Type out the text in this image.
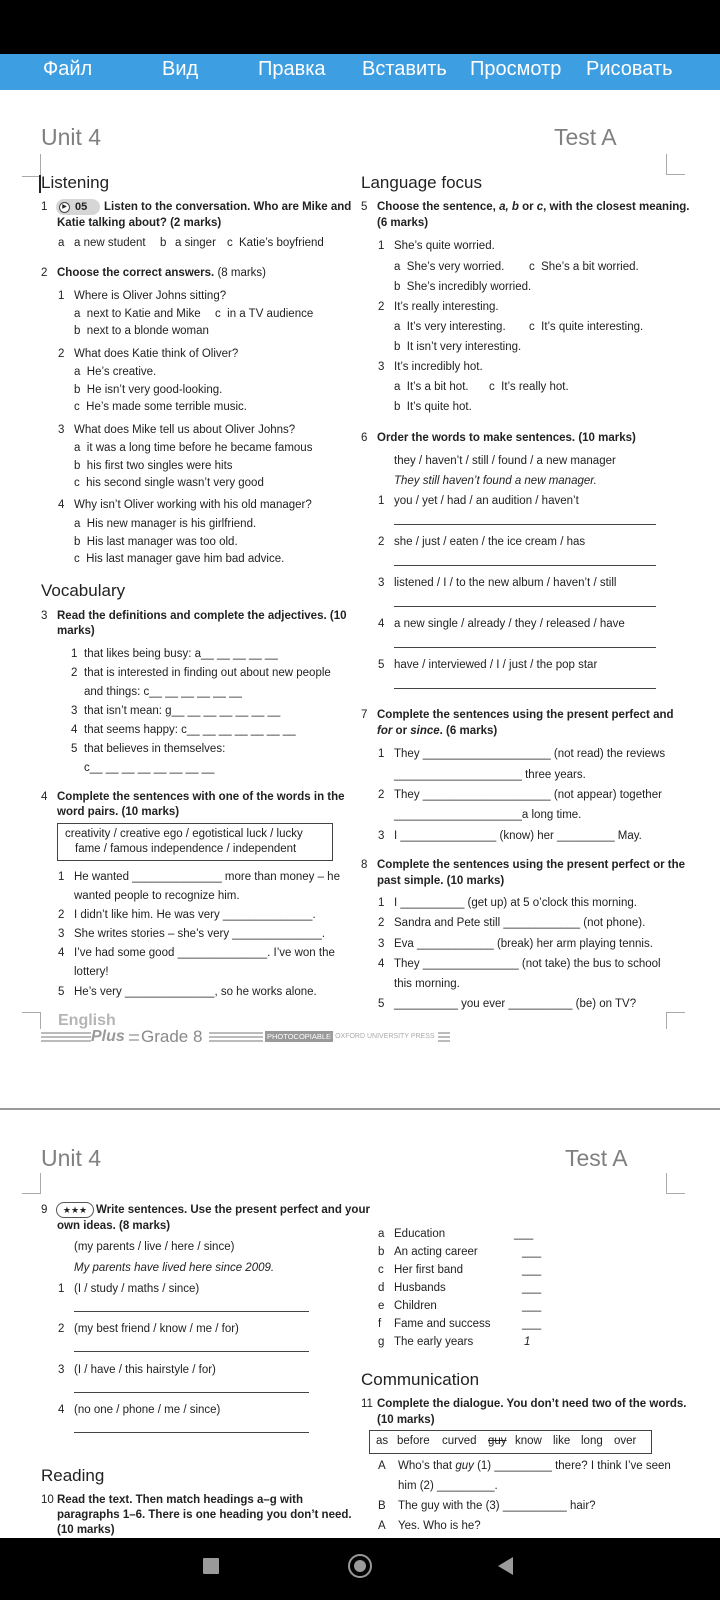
Файл	Вид	Правка Вставить Просмотр Рисовать
Unit 4	Test A
Listening
1	▶ 05 Listen to the conversation. Who are Mike and
Katie talking about? (2 marks)
a a new student b a singer c Katie’s boyfriend
2 Choose the correct answers. (8 marks)
1 Where is Oliver Johns sitting?
a  next to Katie and Mike c  in a TV audience
b  next to a blonde woman
2 What does Katie think of Oliver?
a  He’s creative.
b  He isn’t very good-looking.
c  He’s made some terrible music.
3 What does Mike tell us about Oliver Johns?
a  it was a long time before he became famous
b  his first two singles were hits
c  his second single wasn’t very good
4 Why isn’t Oliver working with his old manager?
a  His new manager is his girlfriend.
b  His last manager was too old.
c  His last manager gave him bad advice.
Vocabulary
3 Read the definitions and complete the adjectives. (10
marks)
1 that likes being busy: a__ __ __ __ __
2 that is interested in finding out about new people
and things: c__ __ __ __ __ __
3 that isn’t mean: g__ __ __ __ __ __ __
4 that seems happy: c__ __ __ __ __ __ __
5 that believes in themselves:
c__ __ __ __ __ __ __ __
4 Complete the sentences with one of the words in the
word pairs. (10 marks)
creativity / creative ego / egotistical luck / lucky
fame / famous independence / independent
1 He wanted ______________ more than money – he
wanted people to recognize him.
2 I didn’t like him. He was very ______________.
3 She writes stories – she’s very ______________.
4 I’ve had some good ______________. I’ve won the
lottery!
5 He’s very ______________, so he works alone.
Language focus
5 Choose the sentence, a, b or c, with the closest meaning.
(6 marks)
1 She’s quite worried.
a  She’s very worried. c  She’s a bit worried.
b  She’s incredibly worried.
2 It’s really interesting.
a  It’s very interesting. c  It’s quite interesting.
b  It isn’t very interesting.
3 It’s incredibly hot.
a  It’s a bit hot. c  It’s really hot.
b  It’s quite hot.
6 Order the words to make sentences. (10 marks)
they / haven’t / still / found / a new manager
They still haven’t found a new manager.
1 you / yet / had / an audition / haven’t
2 she / just / eaten / the ice cream / has
3 listened / I / to the new album / haven’t / still
4 a new single / already / they / released / have
5 have / interviewed / I / just / the pop star
7 Complete the sentences using the present perfect and
for or since. (6 marks)
1 They ____________________ (not read) the reviews
____________________ three years.
2 They ____________________ (not appear) together
____________________a long time.
3 I _______________ (know) her _________ May.
8 Complete the sentences using the present perfect or the
past simple. (10 marks)
1 I __________ (get up) at 5 o’clock this morning.
2 Sandra and Pete still ____________ (not phone).
3 Eva ____________ (break) her arm playing tennis.
4 They _______________ (not take) the bus to school
this morning.
5 __________ you ever __________ (be) on TV?
English
Plus Grade 8	PHOTOCOPIABLE
© OXFORD UNIVERSITY PRESS
Unit 4	Test A
9	★★★ Write sentences. Use the present perfect and your
own ideas. (8 marks)
(my parents / live / here / since)
My parents have lived here since 2009.
1 (I / study / maths / since)
2 (my best friend / know / me / for)
3 (I / have / this hairstyle / for)
4 (no one / phone / me / since)
Reading
10 Read the text. Then match headings a–g with
paragraphs 1–6. There is one heading you don’t need.
(10 marks)
a Education	___
b An acting career	___
c Her first band	___
d Husbands	___
e Children	___
f Fame and success	___
g The early years	1
Communication
11 Complete the dialogue. You don’t need two of the words.
(10 marks)
as before curved guy know like long over
A Who’s that guy (1) _________ there? I think I’ve seen
him (2) _________.
B The guy with the (3) __________ hair?
A Yes. Who is he?
